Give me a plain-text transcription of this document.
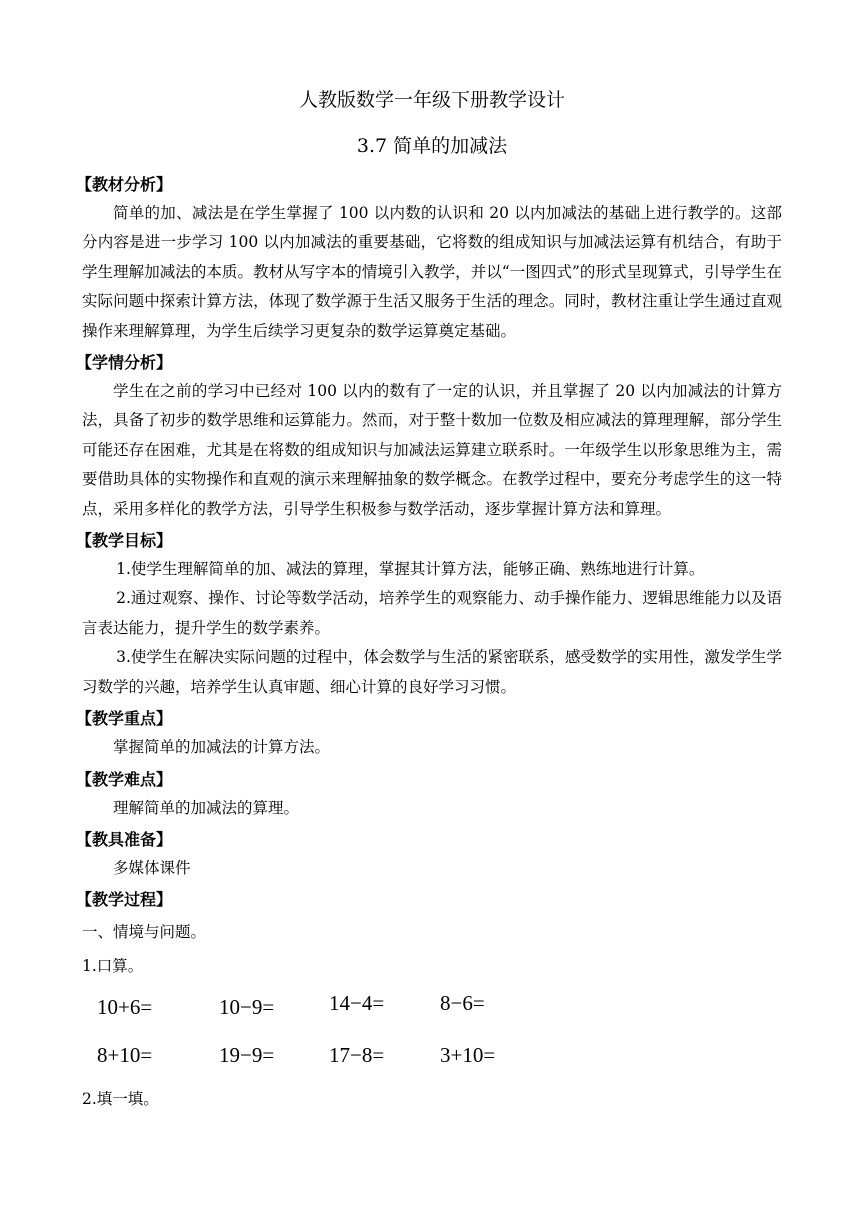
人教版数学一年级下册教学设计
3.7 简单的加减法
【教材分析】

简单的加、减法是在学生掌握了 100 以内数的认识和 20 以内加减法的基础上进行教学的。这部分内容是进一步学习 100 以内加减法的重要基础，它将数的组成知识与加减法运算有机结合，有助于学生理解加减法的本质。教材从写字本的情境引入教学，并以“一图四式”的形式呈现算式，引导学生在实际问题中探索计算方法，体现了数学源于生活又服务于生活的理念。同时，教材注重让学生通过直观操作来理解算理，为学生后续学习更复杂的数学运算奠定基础。

【学情分析】

学生在之前的学习中已经对 100 以内的数有了一定的认识，并且掌握了 20 以内加减法的计算方法，具备了初步的数学思维和运算能力。然而，对于整十数加一位数及相应减法的算理理解，部分学生可能还存在困难，尤其是在将数的组成知识与加减法运算建立联系时。一年级学生以形象思维为主，需要借助具体的实物操作和直观的演示来理解抽象的数学概念。在教学过程中，要充分考虑学生的这一特点，采用多样化的教学方法，引导学生积极参与数学活动，逐步掌握计算方法和算理。

【教学目标】

1.使学生理解简单的加、减法的算理，掌握其计算方法，能够正确、熟练地进行计算。

2.通过观察、操作、讨论等数学活动，培养学生的观察能力、动手操作能力、逻辑思维能力以及语言表达能力，提升学生的数学素养。

3.使学生在解决实际问题的过程中，体会数学与生活的紧密联系，感受数学的实用性，激发学生学习数学的兴趣，培养学生认真审题、细心计算的良好学习习惯。

【教学重点】

掌握简单的加减法的计算方法。

【教学难点】

理解简单的加减法的算理。

【教具准备】

多媒体课件

【教学过程】

一、情境与问题。

1.口算。

10+6=	10−9=	14−4=	8−6=
8+10=	19−9=	17−8=	3+10=

2.填一填。
